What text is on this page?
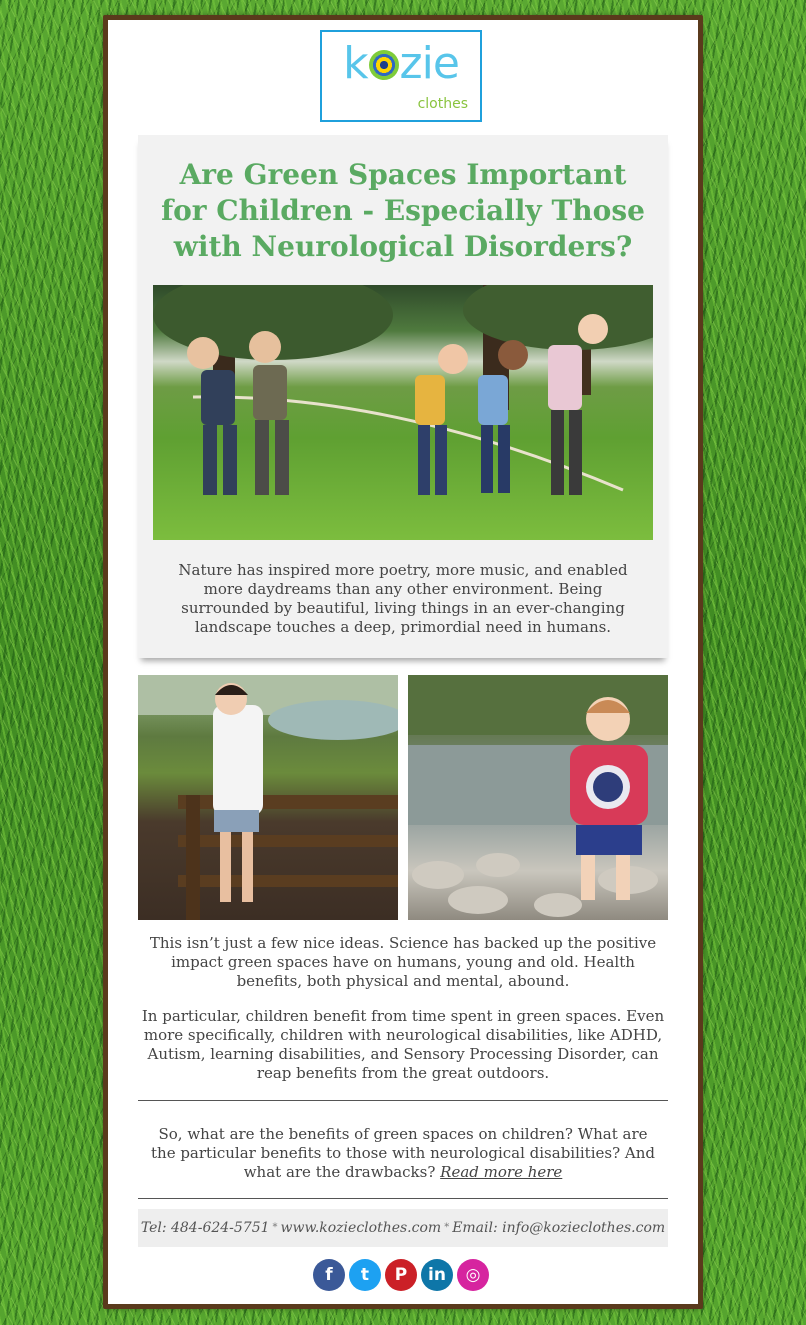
k zie
clothes
Are Green Spaces Important for Children - Especially Those with Neurological Disorders?

Nature has inspired more poetry, more music, and enabled more daydreams than any other environment. Being surrounded by beautiful, living things in an ever-changing landscape touches a deep, primordial need in humans.

This isn’t just a few nice ideas. Science has backed up the positive impact green spaces have on humans, young and old. Health benefits, both physical and mental, abound.

In particular, children benefit from time spent in green spaces. Even more specifically, children with neurological disabilities, like ADHD, Autism, learning disabilities, and Sensory Processing Disorder, can reap benefits from the great outdoors.

So, what are the benefits of green spaces on children? What are the particular benefits to those with neurological disabilities? And what are the drawbacks? Read more here

Tel: 484-624-5751 * www.kozieclothes.com * Email: info@kozieclothes.com
f	t	P	in	◎
